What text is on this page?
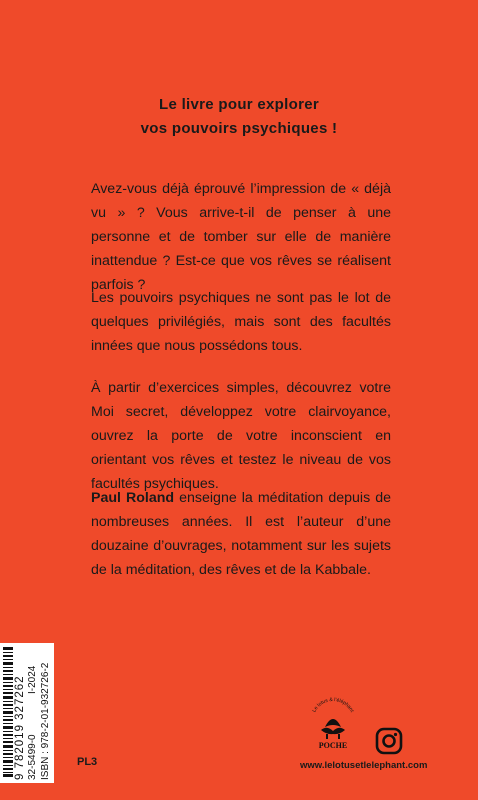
Le livre pour explorer
vos pouvoirs psychiques !

Avez-vous déjà éprouvé l’impression de « déjà vu » ? Vous arrive-t-il de penser à une personne et de tomber sur elle de manière inattendue ? Est-ce que vos rêves se réalisent parfois ?

Les pouvoirs psychiques ne sont pas le lot de quelques privilégiés, mais sont des facultés innées que nous possédons tous.

À partir d’exercices simples, découvrez votre Moi secret, développez votre clairvoyance, ouvrez la porte de votre inconscient en orientant vos rêves et testez le niveau de vos facultés psychiques.

Paul Roland enseigne la méditation depuis de nombreuses années. Il est l’auteur d’une douzaine d’ouvrages, notamment sur les sujets de la méditation, des rêves et de la Kabbale.

9 782019 327262 32-5499-0
I-2024 ISBN : 978-2-01-932726-2 PL3
Le lotus & l'éléphant
POCHE
www.lelotusetlelephant.com
